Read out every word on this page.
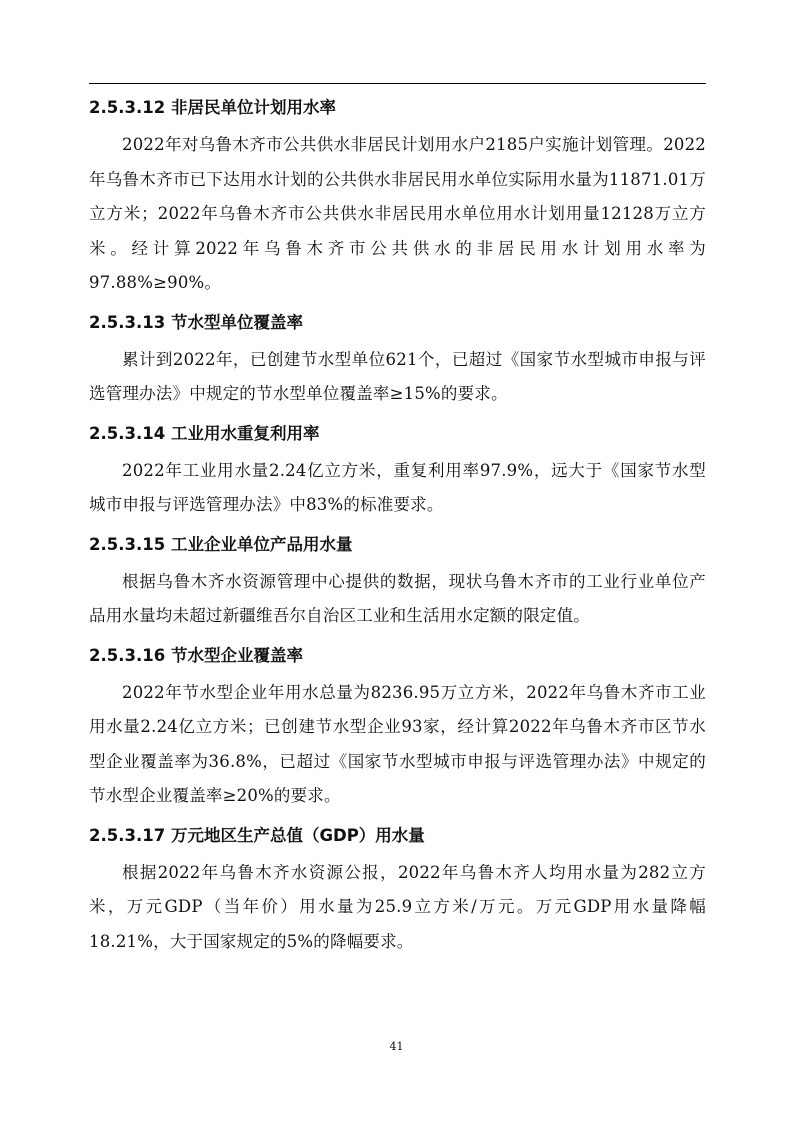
2.5.3.12 非居民单位计划用水率

2022年对乌鲁木齐市公共供水非居民计划用水户2185户实施计划管理。2022年乌鲁木齐市已下达用水计划的公共供水非居民用水单位实际用水量为11871.01万立方米；2022年乌鲁木齐市公共供水非居民用水单位用水计划用量12128万立方米。经计算2022年乌鲁木齐市公共供水的非居民用水计划用水率为97.88%≥90%。

2.5.3.13 节水型单位覆盖率

累计到2022年，已创建节水型单位621个，已超过《国家节水型城市申报与评选管理办法》中规定的节水型单位覆盖率≥15%的要求。

2.5.3.14 工业用水重复利用率

2022年工业用水量2.24亿立方米，重复利用率97.9%，远大于《国家节水型城市申报与评选管理办法》中83%的标准要求。

2.5.3.15 工业企业单位产品用水量

根据乌鲁木齐水资源管理中心提供的数据，现状乌鲁木齐市的工业行业单位产品用水量均未超过新疆维吾尔自治区工业和生活用水定额的限定值。

2.5.3.16 节水型企业覆盖率

2022年节水型企业年用水总量为8236.95万立方米，2022年乌鲁木齐市工业用水量2.24亿立方米；已创建节水型企业93家，经计算2022年乌鲁木齐市区节水型企业覆盖率为36.8%，已超过《国家节水型城市申报与评选管理办法》中规定的节水型企业覆盖率≥20%的要求。

2.5.3.17 万元地区生产总值（GDP）用水量

根据2022年乌鲁木齐水资源公报，2022年乌鲁木齐人均用水量为282立方米，万元GDP（当年价）用水量为25.9立方米/万元。万元GDP用水量降幅18.21%，大于国家规定的5%的降幅要求。

41
